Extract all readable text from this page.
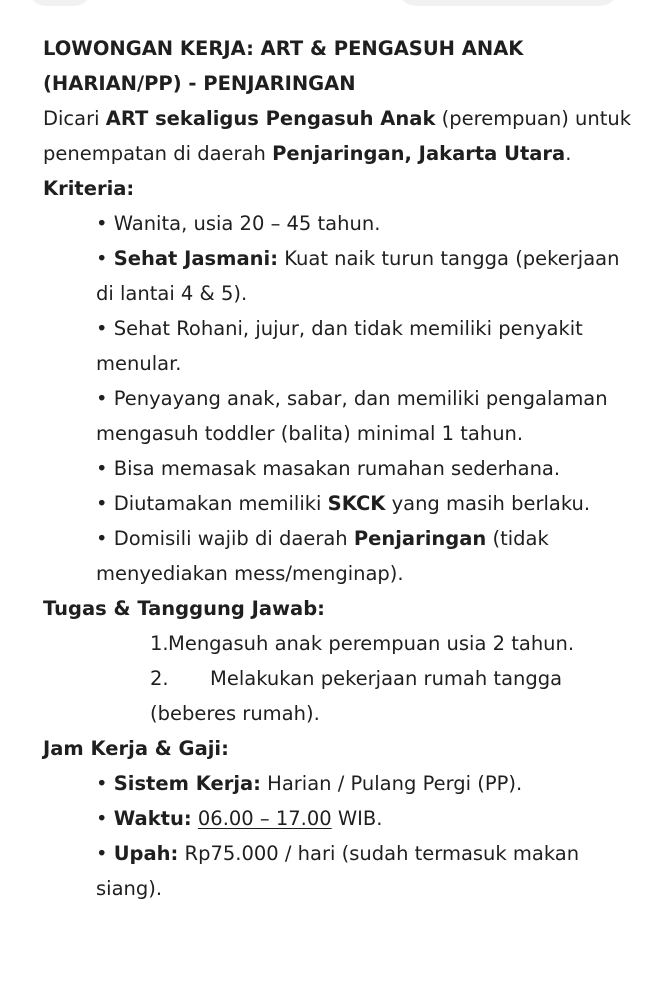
LOWONGAN KERJA: ART & PENGASUH ANAK (HARIAN/PP) - PENJARINGAN

Dicari ART sekaligus Pengasuh Anak (perempuan) untuk penempatan di daerah Penjaringan, Jakarta Utara.

Kriteria:

• Wanita, usia 20 – 45 tahun.

• Sehat Jasmani: Kuat naik turun tangga (pekerjaan di lantai 4 & 5).

• Sehat Rohani, jujur, dan tidak memiliki penyakit menular.

• Penyayang anak, sabar, dan memiliki pengalaman mengasuh toddler (balita) minimal 1 tahun.

• Bisa memasak masakan rumahan sederhana.

• Diutamakan memiliki SKCK yang masih berlaku.

• Domisili wajib di daerah Penjaringan (tidak menyediakan mess/menginap).

Tugas & Tanggung Jawab:

1.Mengasuh anak perempuan usia 2 tahun.

2. Melakukan pekerjaan rumah tangga (beberes rumah).

Jam Kerja & Gaji:

• Sistem Kerja: Harian / Pulang Pergi (PP).

• Waktu: 06.00 – 17.00 WIB.

• Upah: Rp75.000 / hari (sudah termasuk makan siang).
